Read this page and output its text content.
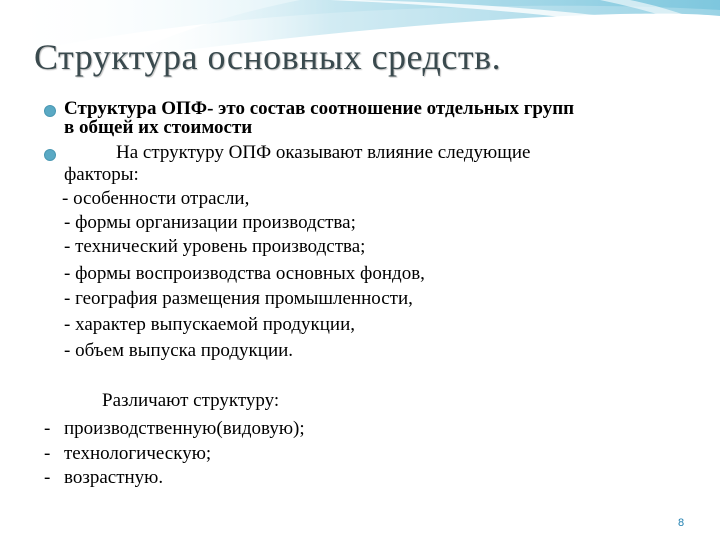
Структура основных средств.
Структура ОПФ- это состав соотношение отдельных групп
в общей их стоимости
На структуру ОПФ оказывают влияние следующие
факторы:
- особенности отрасли,
- формы организации производства;
- технический уровень производства;
- формы воспроизводства основных фондов,
- география размещения промышленности,
- характер выпускаемой продукции,
- объем выпуска продукции.
Различают структуру:
- производственную(видовую);
- технологическую;
- возрастную.
8
